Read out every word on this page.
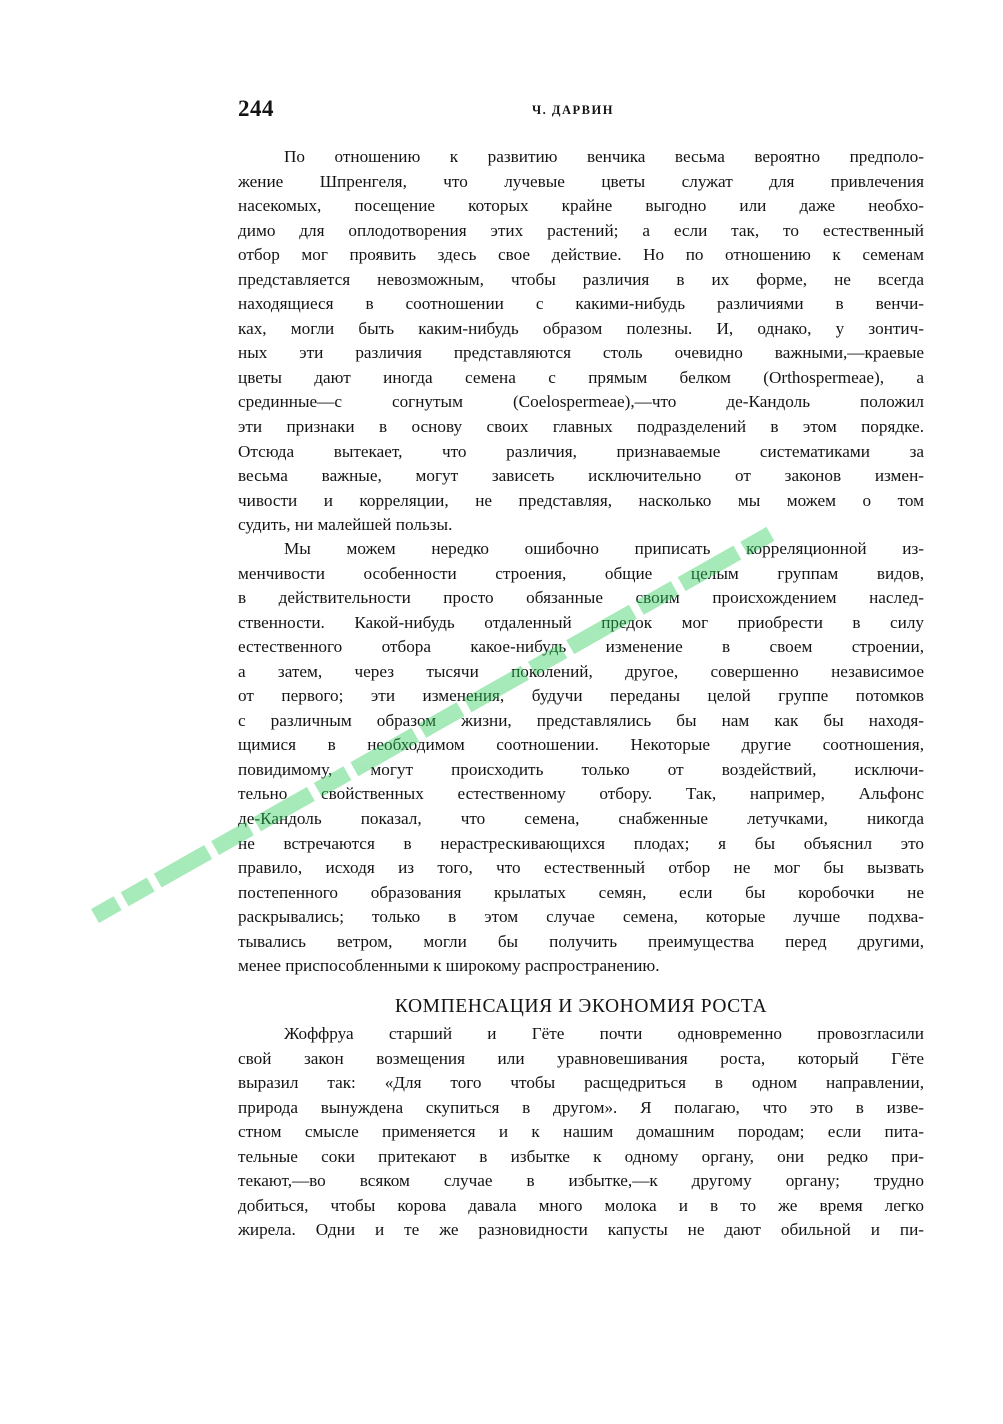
244	Ч. ДАРВИН
По отношению к развитию венчика весьма вероятно предполо-
жение Шпренгеля, что лучевые цветы служат для привлечения
насекомых, посещение которых крайне выгодно или даже необхо-
димо для оплодотворения этих растений; а если так, то естественный
отбор мог проявить здесь свое действие. Но по отношению к семенам
представляется невозможным, чтобы различия в их форме, не всегда
находящиеся в соотношении с какими-нибудь различиями в венчи-
ках, могли быть каким-нибудь образом полезны. И, однако, у зонтич-
ных эти различия представляются столь очевидно важными,—краевые
цветы дают иногда семена с прямым белком (Orthospermeae), а
срединные—с согнутым (Coelospermeae),—что де-Кандоль положил
эти признаки в основу своих главных подразделений в этом порядке.
Отсюда вытекает, что различия, признаваемые систематиками за
весьма важные, могут зависеть исключительно от законов измен-
чивости и корреляции, не представляя, насколько мы можем о том
судить, ни малейшей пользы.
Мы можем нередко ошибочно приписать корреляционной из-
менчивости особенности строения, общие целым группам видов,
в действительности просто обязанные своим происхождением наслед-
ственности. Какой-нибудь отдаленный предок мог приобрести в силу
естественного отбора какое-нибудь изменение в своем строении,
а затем, через тысячи поколений, другое, совершенно независимое
от первого; эти изменения, будучи переданы целой группе потомков
с различным образом жизни, представлялись бы нам как бы находя-
щимися в необходимом соотношении. Некоторые другие соотношения,
повидимому, могут происходить только от воздействий, исключи-
тельно свойственных естественному отбору. Так, например, Альфонс
де-Кандоль показал, что семена, снабженные летучками, никогда
не встречаются в нерастрескивающихся плодах; я бы объяснил это
правило, исходя из того, что естественный отбор не мог бы вызвать
постепенного образования крылатых семян, если бы коробочки не
раскрывались; только в этом случае семена, которые лучше подхва-
тывались ветром, могли бы получить преимущества перед другими,
менее приспособленными к широкому распространению.
КОМПЕНСАЦИЯ И ЭКОНОМИЯ РОСТА
Жоффруа старший и Гёте почти одновременно провозгласили
свой закон возмещения или уравновешивания роста, который Гёте
выразил так: «Для того чтобы расщедриться в одном направлении,
природа вынуждена скупиться в другом». Я полагаю, что это в изве-
стном смысле применяется и к нашим домашним породам; если пита-
тельные соки притекают в избытке к одному органу, они редко при-
текают,—во всяком случае в избытке,—к другому органу; трудно
добиться, чтобы корова давала много молока и в то же время легко
жирела. Одни и те же разновидности капусты не дают обильной и пи-
